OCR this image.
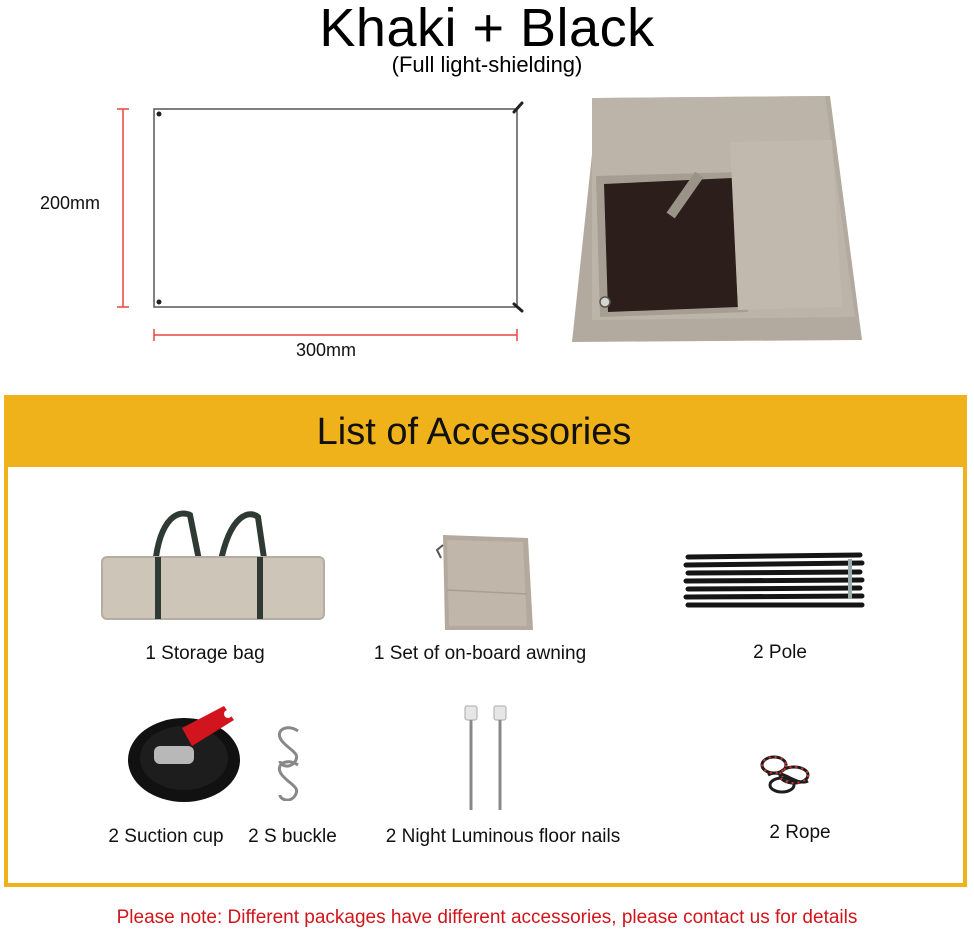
Khaki + Black
(Full light-shielding)
200mm
300mm
List of Accessories
1 Storage bag	1 Set of on-board awning	2 Pole
2 Suction cup	2 S buckle	2 Night Luminous floor nails	2 Rope
Please note: Different packages have different accessories, please contact us for details
